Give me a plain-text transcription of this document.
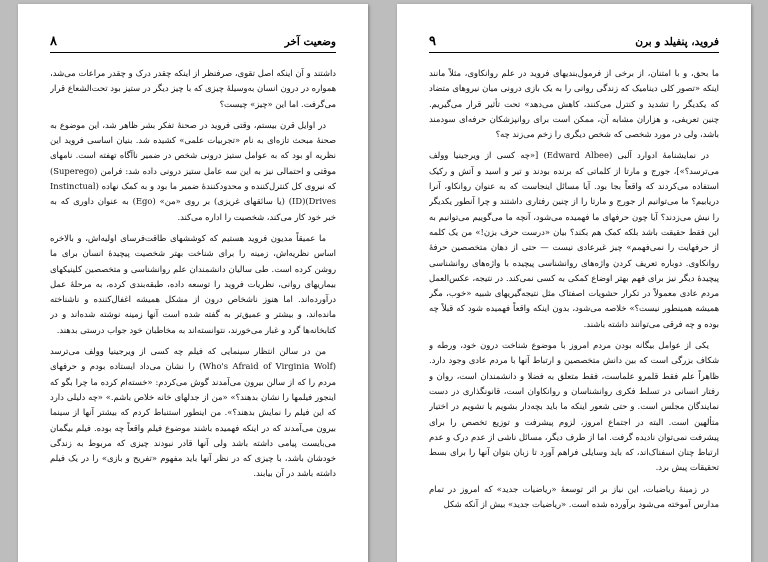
وضعیت آخر
۸

داشتند و آن اینکه اصل تقوی، صرفنظر از اینکه چقدر درک و چقدر مراعات می‌شد، همواره در درون انسان به‌وسیلهٔ چیزی که با چیز دیگر در ستیز بود تحت‌الشعاع قرار می‌گرفت. اما این «چیز» چیست؟

در اوایل قرن بیستم، وقتی فروید در صحنهٔ تفکر بشر ظاهر شد، این موضوع به صحنهٔ مبحث تازه‌ای به نام «تجربیات علمی» کشیده شد. بنیان اساسی فروید این نظریه او بود که به عوامل ستیز درونی شخص در ضمیر ناآگاه تهفته است. نامهای موقتی و احتمالی نیز به این سه عامل ستیز درونی داده شد: فرامن (Superego) که نیروی کل کنترل‌کننده و محدودکنندهٔ ضمیر ما بود و به کمک نهاده (Instinctual Drives)(ID) (یا سائقهای غریزی) بر روی «من» (Ego) به عنوان داوری که به خبر خود کار می‌کند، شخصیت را اداره می‌کند.

ما عمیقاً مدیون فروید هستیم که کوششهای طاقت‌فرسای اولیه‌اش، و بالاخره اساس نظریه‌اش، زمینه را برای شناخت بهتر شخصیت پیچیدهٔ انسان برای ما روشن کرده است. طی سالیان دانشمندان علم روانشناسی و متخصصین کلینیکهای بیماریهای روانی، نظریات فروید را توسعه داده، طبقه‌بندی کرده، به مرحلهٔ عمل درآورده‌اند. اما هنوز ناشخاص درون از مشکل همیشه اغفال‌کننده و ناشناخته مانده‌اند، و بیشتر و عمیق‌تر به گفته شده است آنها زمینه نوشته شده‌اند و در کتابخانه‌ها گرد و غبار می‌خورند، نتوانسته‌اند به مخاطبان خود جواب درستی بدهند.

من در سالن انتظار سینمایی که فیلم چه کسی از ویرجینیا وولف می‌ترسد (Who's Afraid of Virginia Wolf) را نشان می‌داد ایستاده بودم و حرفهای مردم را که از سالن بیرون می‌آمدند گوش می‌کردم: «خسته‌ام کرده ما چرا بگو که اینجور فیلمها را نشان بدهند؟» «من از جدلهای خانه خلاص باشم.» «چه دلیلی دارد که این فیلم را نمایش بدهند؟». من اینطور استنباط کردم که بیشتر آنها از سینما بیرون می‌آمدند که در اینکه فهمیده باشند موضوع فیلم واقعاً چه بوده. فیلم بیگمان می‌بایست پیامی داشته باشد ولی آنها قادر نبودند چیزی که مربوط به زندگی خودشان باشد، با چیزی که در نظر آنها باید مفهوم «تفریح و بازی» را در یک فیلم داشته باشد در آن بیابند.

فروید، پنفیلد و برن
۹

ما بحق، و با امتنان، از برخی از فرمول‌بندیهای فروید در علم روانکاوی، مثلاً مانند اینکه «تصور کلی دینامیک که زندگی روانی را به یک بازی درونی میان نیروهای متضاد که یکدیگر را تشدید و کنترل می‌کنند، کاهش می‌دهد» تحت تأثیر قرار می‌گیریم. چنین تعریفی، و هزاران مشابه آن، ممکن است برای روانپزشکان حرفه‌ای سودمند باشد، ولی در مورد شخصی که شخص دیگری را زخم می‌زند چه؟

در نمایشنامهٔ ادوارد آلبی (Edward Albee) [«چه کسی از ویرجینیا وولف می‌ترسد؟»]، جورج و مارتا از کلماتی که برنده بودند و تیر و اسید و آتش و رکیک استفاده می‌کردند که واقعاً بجا بود. آیا مسائل اینجاست که به عنوان روانکاو، آنرا دریابیم؟ ما می‌توانیم از جورج و مارتا را از چنین رفتاری داشتند و چرا آنطور یکدیگر را نیش می‌زدند؟ آیا چون حرفهای ما فهمیده می‌شود، آنچه ما می‌گوییم می‌توانیم به این فقط حقیقت باشد بلکه کمک هم بکند؟ بیان «درست حرف بزن!» من یک کلمه از حرفهایت را نمی‌فهمم» چیز غیرعادی نیست — حتی از دهان متخصصین حرفهٔ روانکاوی. دوباره تعریف کردن واژه‌های روانشناسی پیچیده با واژه‌های روانشناسی پیچیدهٔ دیگر نیز برای فهم بهتر اوضاع کمکی به کسی نمی‌کند. در نتیجه، عکس‌العمل مردم عادی معمولاً در تکرار حشویات اصفتاک مثل نتیجه‌گیریهای شبیه «خوب، مگر همیشه همینطور نیست؟» خلاصه می‌شود، بدون اینکه واقعاً فهمیده شود که قبلاً چه بوده و چه فرقی می‌توانند داشته باشند.

یکی از عوامل بیگانه بودن مردم امروز با موضوع شناخت درون خود، ورطه و شکاف بزرگی است که بین دانش متخصصین و ارتباط آنها با مردم عادی وجود دارد. ظاهراً علم فقط قلمرو علماست، فقط متعلق به فضلا و دانشمندان است، روان و رفتار انسانی در تسلط فکری روانشناسان و روانکاوان است، قانونگذاری در دست نمایندگان مجلس است. و حتی شعور اینکه ما باید بچه‌دار بشویم یا نشویم در اختیار متألهین است. البته در اجتماع امروز، لزوم پیشرفت و توزیع تخصص را برای پیشرفت نمی‌توان نادیده گرفت. اما از طرف دیگر، مسائل ناشی از عدم درک و عدم ارتباط چنان اسفناک‌اند، که باید وسایلی فراهم آورد تا زبان بتوان آنها را برای بسط تحقیقات پیش برد.

در زمینهٔ ریاضیات، این نیاز بر اثر توسعهٔ «ریاضیات جدید» که امروز در تمام مدارس آموخته می‌شود برآورده شده است. «ریاضیات جدید» بیش از آنکه شکل
